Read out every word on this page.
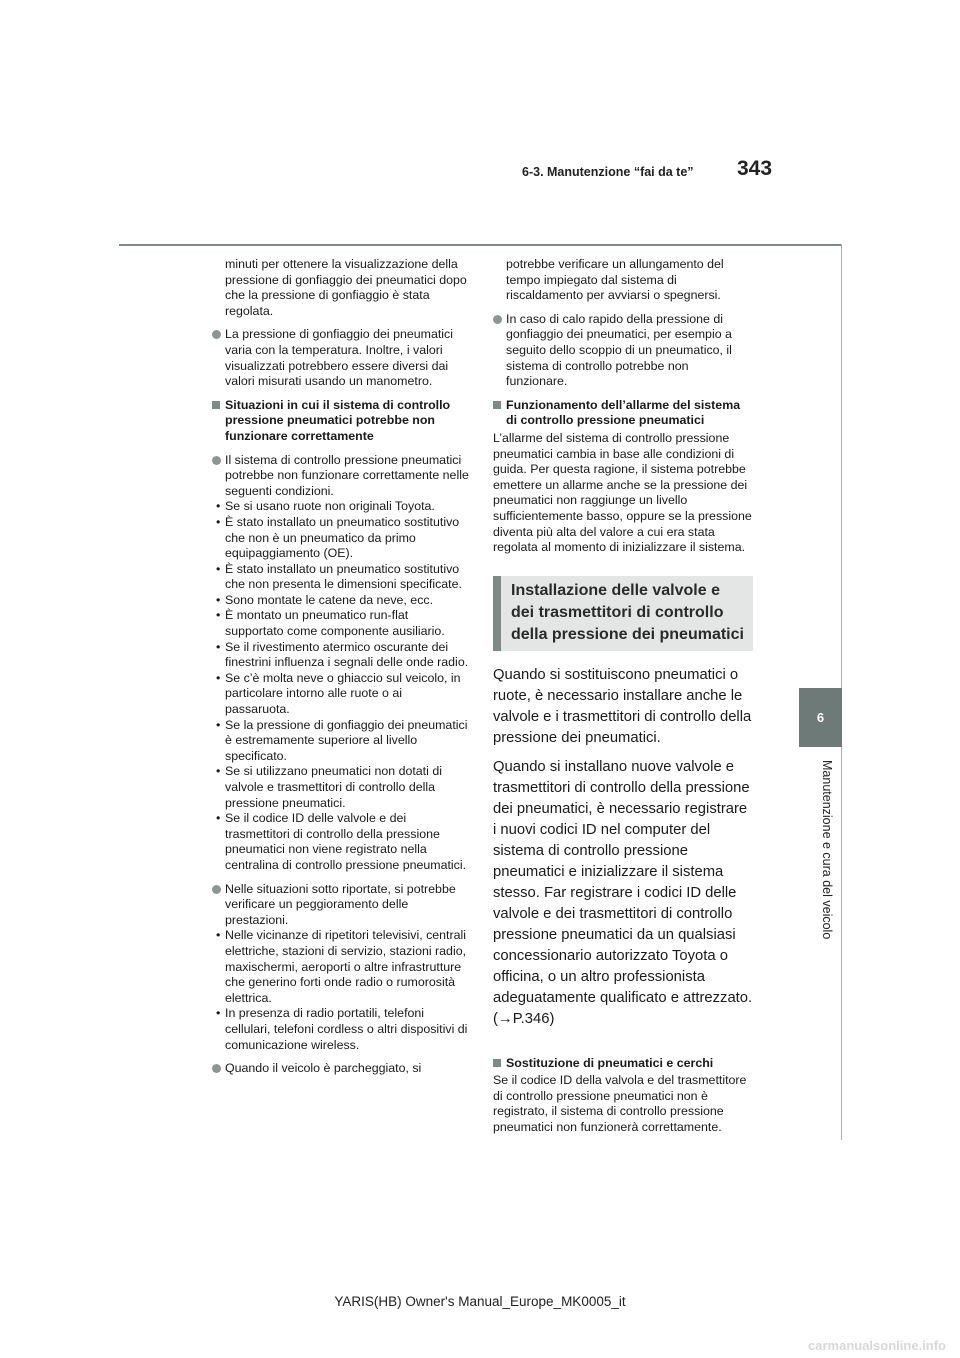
6-3. Manutenzione “fai da te” 343
6
Manutenzione e cura del veicolo

minuti per ottenere la visualizzazione della pressione di gonfiaggio dei pneumatici dopo che la pressione di gonfiaggio è stata regolata.

La pressione di gonfiaggio dei pneumatici varia con la temperatura. Inoltre, i valori visualizzati potrebbero essere diversi dai valori misurati usando un manometro.
Situazioni in cui il sistema di controllo pressione pneumatici potrebbe non funzionare correttamente
Il sistema di controllo pressione pneumatici potrebbe non funzionare correttamente nelle seguenti condizioni.
• Se si usano ruote non originali Toyota.
• È stato installato un pneumatico sostitutivo che non è un pneumatico da primo equipaggiamento (OE).
• È stato installato un pneumatico sostitutivo che non presenta le dimensioni specificate.
• Sono montate le catene da neve, ecc.
• È montato un pneumatico run-flat supportato come componente ausiliario.
• Se il rivestimento atermico oscurante dei finestrini influenza i segnali delle onde radio.
• Se c’è molta neve o ghiaccio sul veicolo, in particolare intorno alle ruote o ai passaruota.
• Se la pressione di gonfiaggio dei pneumatici è estremamente superiore al livello specificato.
• Se si utilizzano pneumatici non dotati di valvole e trasmettitori di controllo della pressione pneumatici.
• Se il codice ID delle valvole e dei trasmettitori di controllo della pressione pneumatici non viene registrato nella centralina di controllo pressione pneumatici.
Nelle situazioni sotto riportate, si potrebbe verificare un peggioramento delle prestazioni.
• Nelle vicinanze di ripetitori televisivi, centrali elettriche, stazioni di servizio, stazioni radio, maxischermi, aeroporti o altre infrastrutture che generino forti onde radio o rumorosità elettrica.
• In presenza di radio portatili, telefoni cellulari, telefoni cordless o altri dispositivi di comunicazione wireless.
Quando il veicolo è parcheggiato, si

potrebbe verificare un allungamento del tempo impiegato dal sistema di riscaldamento per avviarsi o spegnersi.

In caso di calo rapido della pressione di gonfiaggio dei pneumatici, per esempio a seguito dello scoppio di un pneumatico, il sistema di controllo potrebbe non funzionare.
Funzionamento dell’allarme del sistema di controllo pressione pneumatici

L’allarme del sistema di controllo pressione pneumatici cambia in base alle condizioni di guida. Per questa ragione, il sistema potrebbe emettere un allarme anche se la pressione dei pneumatici non raggiunge un livello sufficientemente basso, oppure se la pressione diventa più alta del valore a cui era stata regolata al momento di inizializzare il sistema.

Installazione delle valvole e dei trasmettitori di controllo della pressione dei pneumatici

Quando si sostituiscono pneumatici o ruote, è necessario installare anche le valvole e i trasmettitori di controllo della pressione dei pneumatici.

Quando si installano nuove valvole e trasmettitori di controllo della pressione dei pneumatici, è necessario registrare i nuovi codici ID nel computer del sistema di controllo pressione pneumatici e inizializzare il sistema stesso. Far registrare i codici ID delle valvole e dei trasmettitori di controllo pressione pneumatici da un qualsiasi concessionario autorizzato Toyota o officina, o un altro professionista adeguatamente qualificato e attrezzato. (→P.346)

Sostituzione di pneumatici e cerchi

Se il codice ID della valvola e del trasmettitore di controllo pressione pneumatici non è registrato, il sistema di controllo pressione pneumatici non funzionerà correttamente.

YARIS(HB) Owner's Manual_Europe_MK0005_it
carmanualsonline.info
